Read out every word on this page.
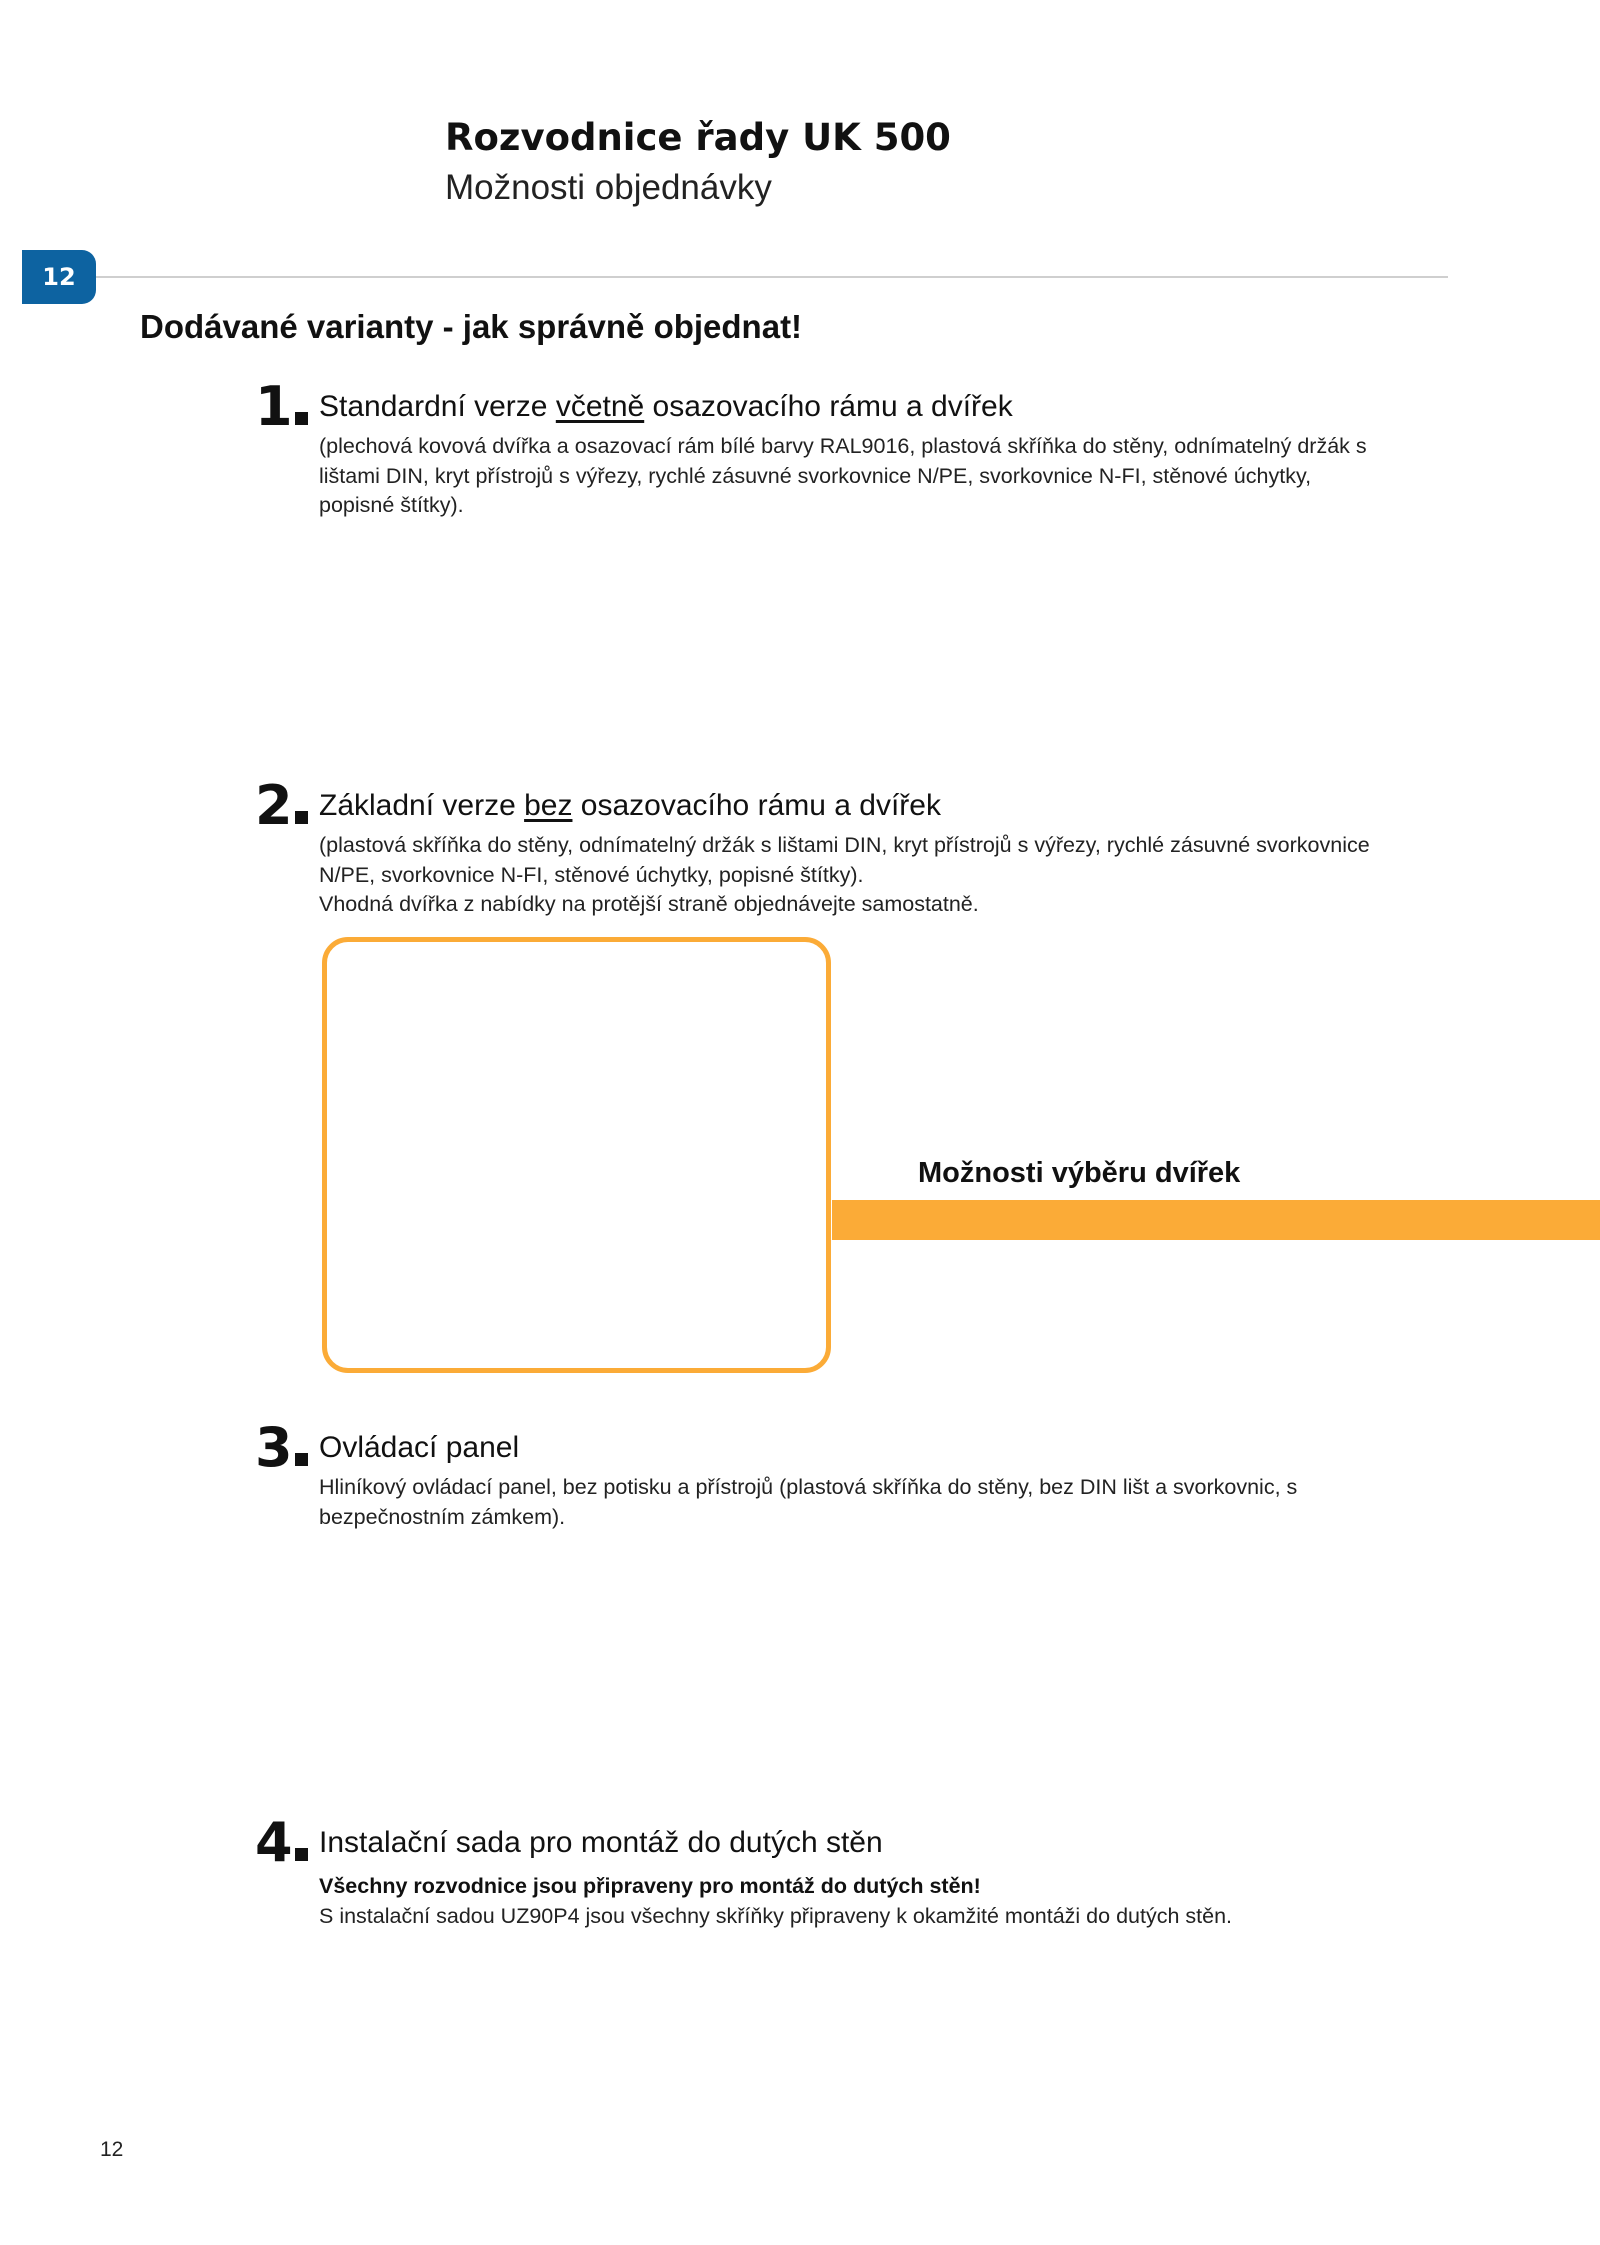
Rozvodnice řady UK 500
Možnosti objednávky
12
Dodávané varianty - jak správně objednat!
1 Standardní verze včetně osazovacího rámu a dvířek
(plechová kovová dvířka a osazovací rám bílé barvy RAL9016, plastová skříňka do stěny, odnímatelný držák s lištami DIN, kryt přístrojů s výřezy, rychlé zásuvné svorkovnice N/PE, svorkovnice N-FI, stěnové úchytky, popisné štítky).
2 Základní verze bez osazovacího rámu a dvířek
(plastová skříňka do stěny, odnímatelný držák s lištami DIN, kryt přístrojů s výřezy, rychlé zásuvné svorkovnice N/PE, svorkovnice N-FI, stěnové úchytky, popisné štítky).
Vhodná dvířka z nabídky na protější straně objednávejte samostatně.
Možnosti výběru dvířek
3 Ovládací panel
Hliníkový ovládací panel, bez potisku a přístrojů (plastová skříňka do stěny, bez DIN lišt a svorkovnic, s bezpečnostním zámkem).
4 Instalační sada pro montáž do dutých stěn
Všechny rozvodnice jsou připraveny pro montáž do dutých stěn!
S instalační sadou UZ90P4 jsou všechny skříňky připraveny k okamžité montáži do dutých stěn.
12
